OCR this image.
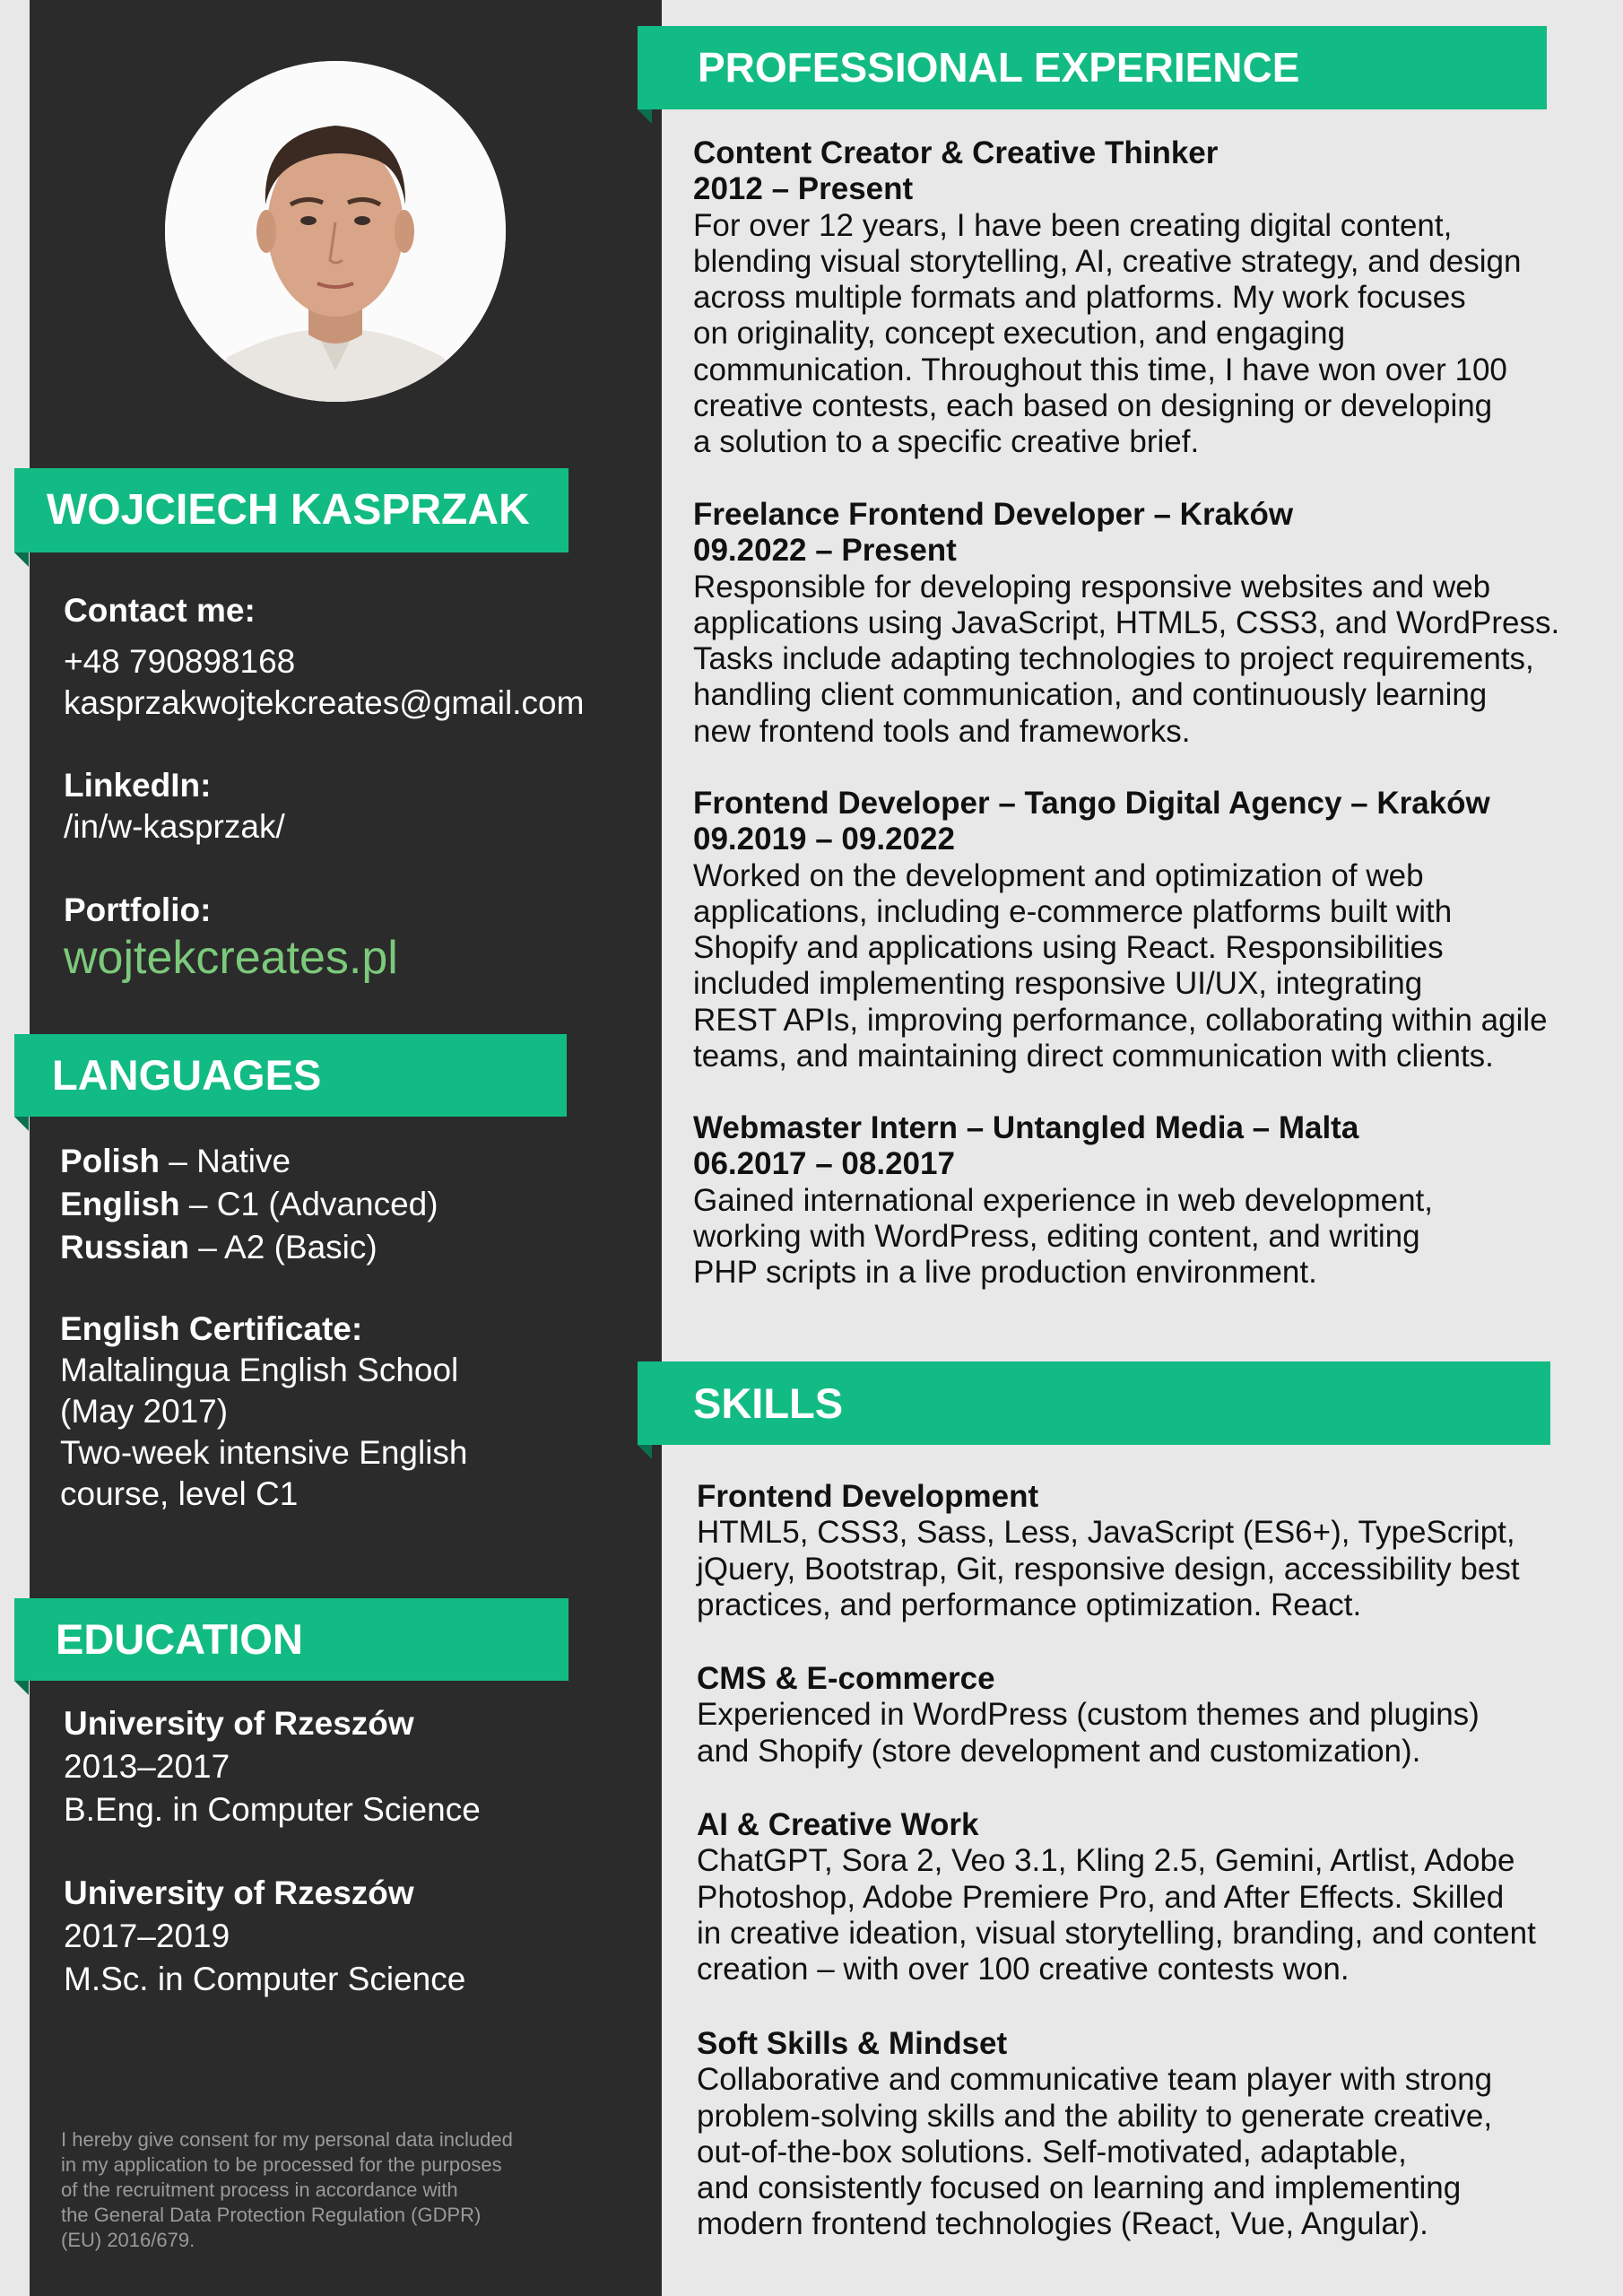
WOJCIECH KASPRZAK
Contact me:
+48 790898168
kasprzakwojtekcreates@gmail.com
LinkedIn:
/in/w-kasprzak/
Portfolio:
wojtekcreates.pl
LANGUAGES
Polish – Native
English – C1 (Advanced)
Russian – A2 (Basic)
English Certificate:
Maltalingua English School
(May 2017)
Two-week intensive English
course, level C1
EDUCATION
University of Rzeszów
2013–2017
B.Eng. in Computer Science
University of Rzeszów
2017–2019
M.Sc. in Computer Science
I hereby give consent for my personal data included
in my application to be processed for the purposes
of the recruitment process in accordance with
the General Data Protection Regulation (GDPR)
(EU) 2016/679.
PROFESSIONAL EXPERIENCE
Content Creator & Creative Thinker
2012 – Present
For over 12 years, I have been creating digital content,
blending visual storytelling, AI, creative strategy, and design
across multiple formats and platforms. My work focuses
on originality, concept execution, and engaging
communication. Throughout this time, I have won over 100
creative contests, each based on designing or developing
a solution to a specific creative brief.
Freelance Frontend Developer – Kraków
09.2022 – Present
Responsible for developing responsive websites and web
applications using JavaScript, HTML5, CSS3, and WordPress.
Tasks include adapting technologies to project requirements,
handling client communication, and continuously learning
new frontend tools and frameworks.
Frontend Developer – Tango Digital Agency – Kraków
09.2019 – 09.2022
Worked on the development and optimization of web
applications, including e-commerce platforms built with
Shopify and applications using React. Responsibilities
included implementing responsive UI/UX, integrating
REST APIs, improving performance, collaborating within agile
teams, and maintaining direct communication with clients.
Webmaster Intern – Untangled Media – Malta
06.2017 – 08.2017
Gained international experience in web development,
working with WordPress, editing content, and writing
PHP scripts in a live production environment.
SKILLS
Frontend Development
HTML5, CSS3, Sass, Less, JavaScript (ES6+), TypeScript,
jQuery, Bootstrap, Git, responsive design, accessibility best
practices, and performance optimization. React.
CMS & E-commerce
Experienced in WordPress (custom themes and plugins)
and Shopify (store development and customization).
AI & Creative Work
ChatGPT, Sora 2, Veo 3.1, Kling 2.5, Gemini, Artlist, Adobe
Photoshop, Adobe Premiere Pro, and After Effects. Skilled
in creative ideation, visual storytelling, branding, and content
creation – with over 100 creative contests won.
Soft Skills & Mindset
Collaborative and communicative team player with strong
problem-solving skills and the ability to generate creative,
out-of-the-box solutions. Self-motivated, adaptable,
and consistently focused on learning and implementing
modern frontend technologies (React, Vue, Angular).
